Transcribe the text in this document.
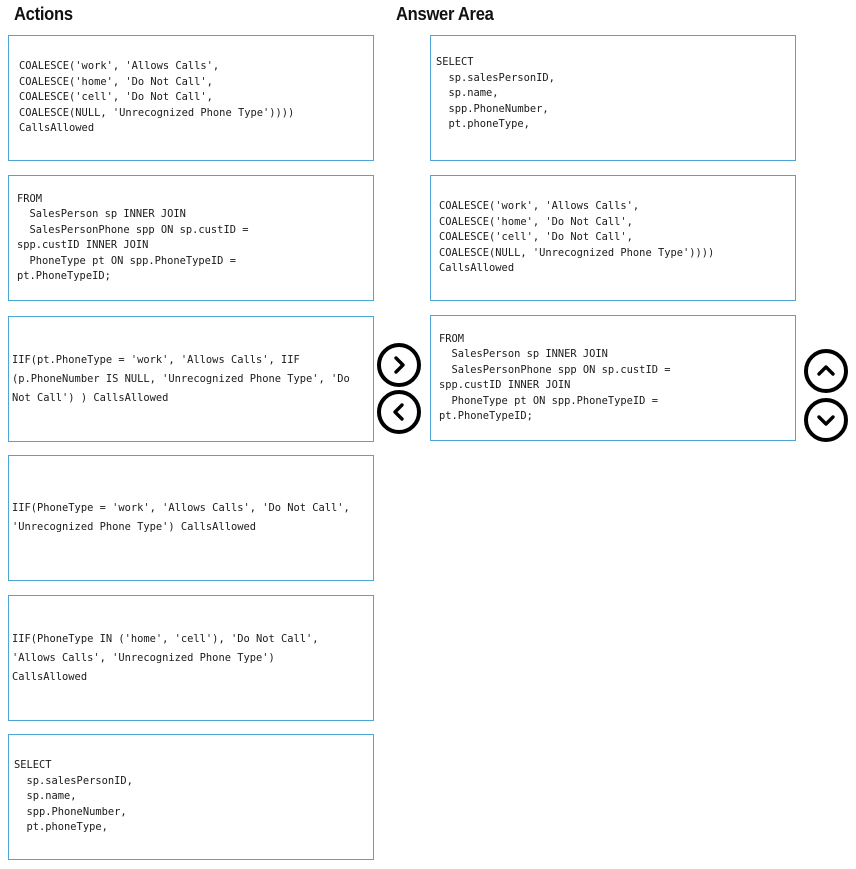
Actions	Answer Area
COALESCE('work', 'Allows Calls',
COALESCE('home', 'Do Not Call',
COALESCE('cell', 'Do Not Call',
COALESCE(NULL, 'Unrecognized Phone Type'))))
CallsAllowed
FROM
SalesPerson sp INNER JOIN
SalesPersonPhone spp ON sp.custID =
spp.custID INNER JOIN
PhoneType pt ON spp.PhoneTypeID =
pt.PhoneTypeID;
IIF(pt.PhoneType = 'work', 'Allows Calls', IIF (p.PhoneNumber IS NULL, 'Unrecognized Phone Type', 'Do Not Call') ) CallsAllowed
IIF(PhoneType = 'work', 'Allows Calls', 'Do Not Call', 'Unrecognized Phone Type') CallsAllowed
IIF(PhoneType IN ('home', 'cell'), 'Do Not Call', 'Allows Calls', 'Unrecognized Phone Type') CallsAllowed
SELECT
sp.salesPersonID,
sp.name,
spp.PhoneNumber,
pt.phoneType,
SELECT
sp.salesPersonID,
sp.name,
spp.PhoneNumber,
pt.phoneType,
COALESCE('work', 'Allows Calls',
COALESCE('home', 'Do Not Call',
COALESCE('cell', 'Do Not Call',
COALESCE(NULL, 'Unrecognized Phone Type'))))
CallsAllowed
FROM
SalesPerson sp INNER JOIN
SalesPersonPhone spp ON sp.custID =
spp.custID INNER JOIN
PhoneType pt ON spp.PhoneTypeID =
pt.PhoneTypeID;
